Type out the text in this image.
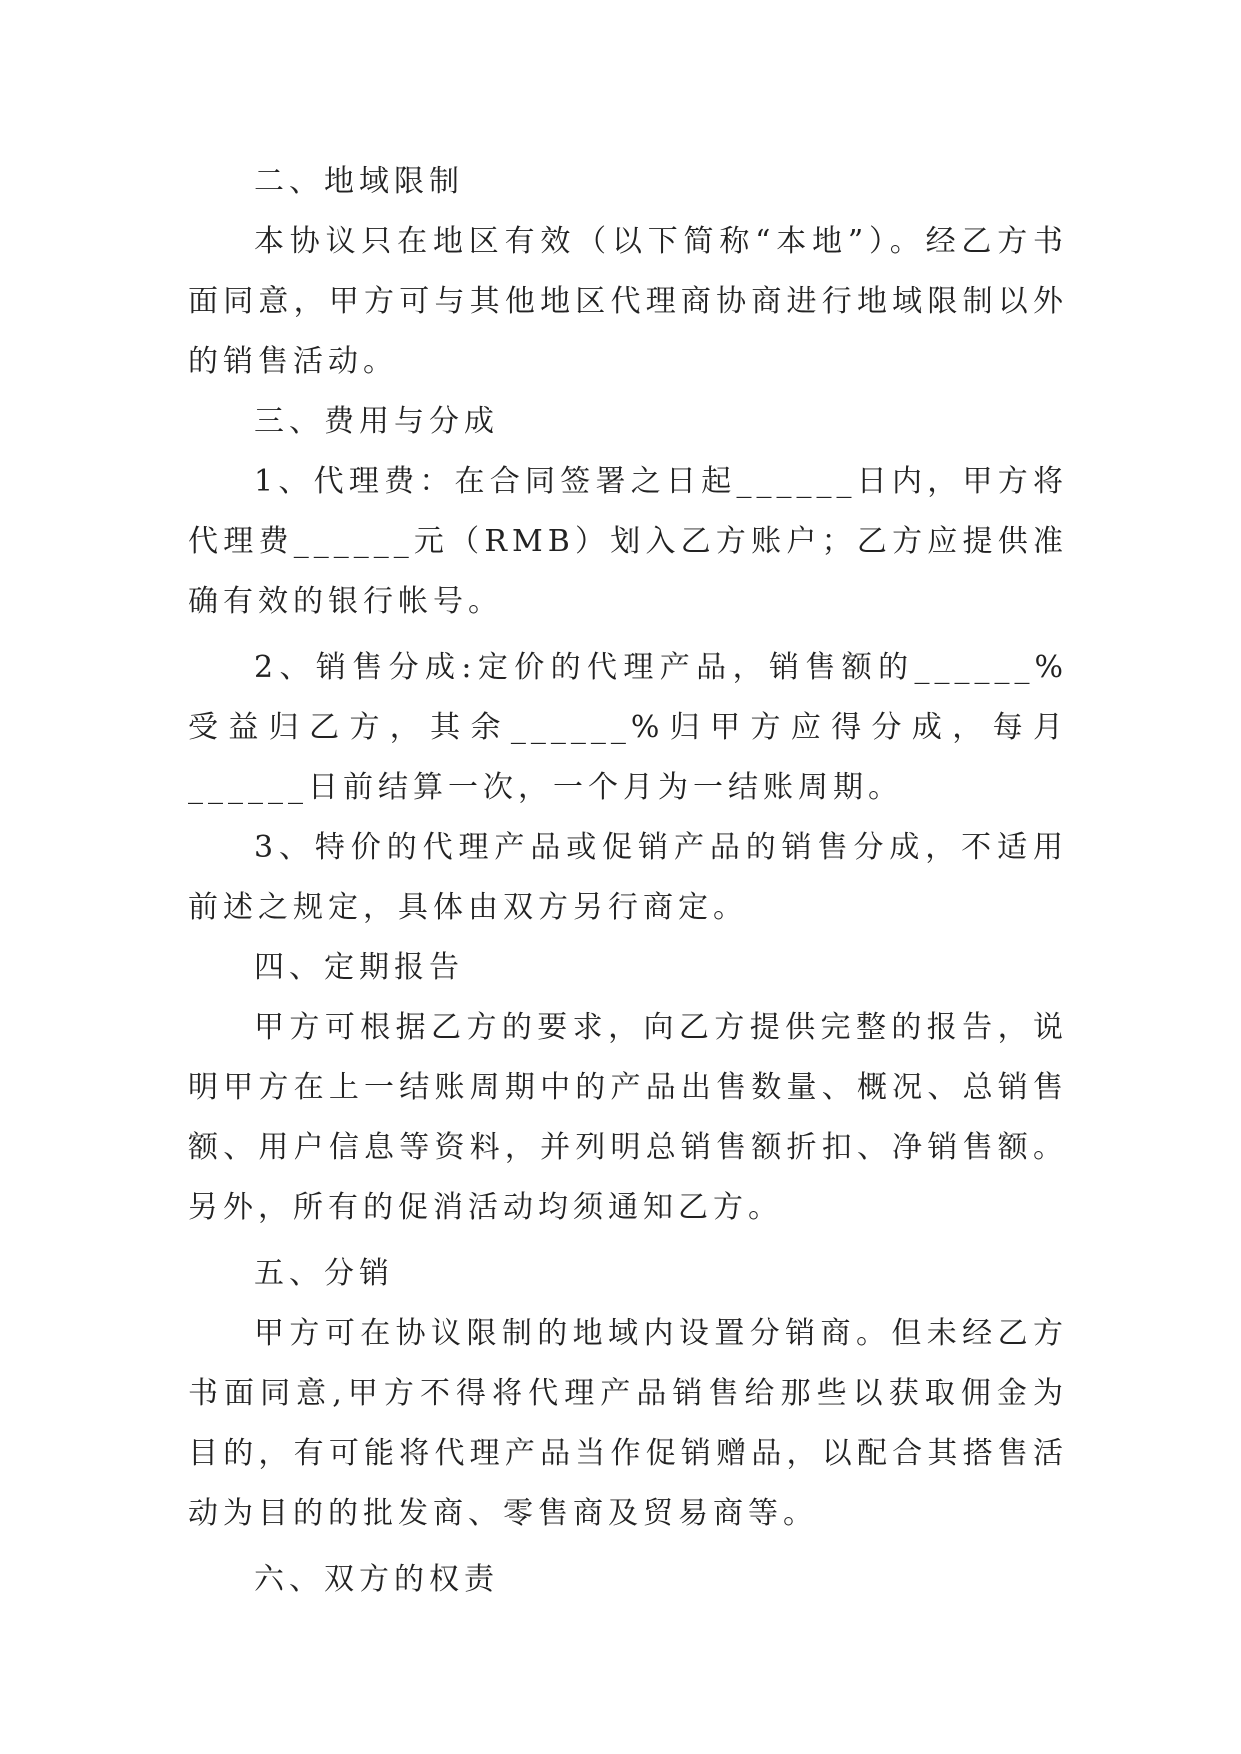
二、地域限制

本协议只在地区有效（以下简称“本地”）。经乙方书面同意，甲方可与其他地区代理商协商进行地域限制以外的销售活动。

三、费用与分成

1、代理费：在合同签署之日起______日内，甲方将代理费______元（RMB）划入乙方账户；乙方应提供准确有效的银行帐号。

2、销售分成:定价的代理产品，销售额的______%受益归乙方，其余______%归甲方应得分成，每月______日前结算一次，一个月为一结账周期。

3、特价的代理产品或促销产品的销售分成，不适用前述之规定，具体由双方另行商定。

四、定期报告

甲方可根据乙方的要求，向乙方提供完整的报告，说明甲方在上一结账周期中的产品出售数量、概况、总销售额、用户信息等资料，并列明总销售额折扣、净销售额。另外，所有的促消活动均须通知乙方。

五、分销

甲方可在协议限制的地域内设置分销商。但未经乙方书面同意,甲方不得将代理产品销售给那些以获取佣金为目的，有可能将代理产品当作促销赠品，以配合其搭售活动为目的的批发商、零售商及贸易商等。

六、双方的权责
